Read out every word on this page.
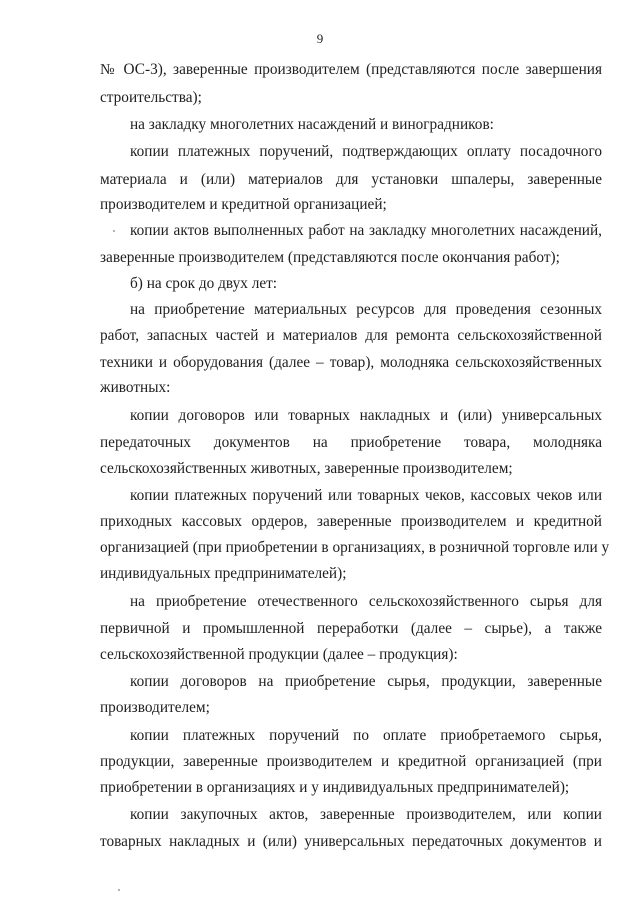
9
№ ОС-3), заверенные производителем (представляются после завершения
строительства);
на закладку многолетних насаждений и виноградников:
копии платежных поручений, подтверждающих оплату посадочного
материала и (или) материалов для установки шпалеры, заверенные
производителем и кредитной организацией;
копии актов выполненных работ на закладку многолетних насаждений,
заверенные производителем (представляются после окончания работ);
б) на срок до двух лет:
на приобретение материальных ресурсов для проведения сезонных
работ, запасных частей и материалов для ремонта сельскохозяйственной
техники и оборудования (далее – товар), молодняка сельскохозяйственных
животных:
копии договоров или товарных накладных и (или) универсальных
передаточных документов на приобретение товара, молодняка
сельскохозяйственных животных, заверенные производителем;
копии платежных поручений или товарных чеков, кассовых чеков или
приходных кассовых ордеров, заверенные производителем и кредитной
организацией (при приобретении в организациях, в розничной торговле или у
индивидуальных предпринимателей);
на приобретение отечественного сельскохозяйственного сырья для
первичной и промышленной переработки (далее – сырье), а также
сельскохозяйственной продукции (далее – продукция):
копии договоров на приобретение сырья, продукции, заверенные
производителем;
копии платежных поручений по оплате приобретаемого сырья,
продукции, заверенные производителем и кредитной организацией (при
приобретении в организациях и у индивидуальных предпринимателей);
копии закупочных актов, заверенные производителем, или копии
товарных накладных и (или) универсальных передаточных документов и
